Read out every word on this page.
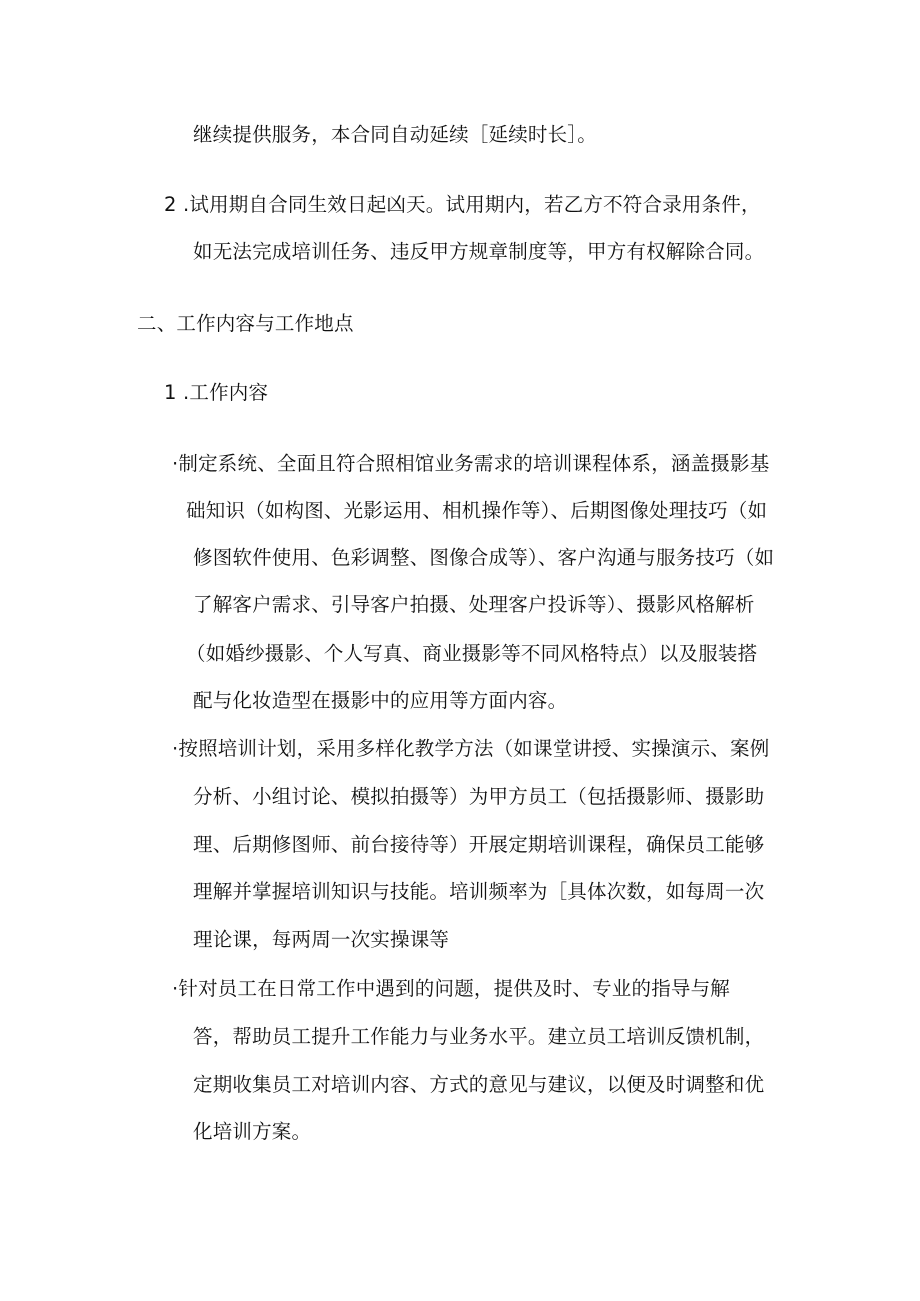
继续提供服务，本合同自动延续［延续时长］。
2 .试用期自合同生效日起凶天。试用期内，若乙方不符合录用条件，
如无法完成培训任务、违反甲方规章制度等，甲方有权解除合同。
二、工作内容与工作地点
1 .工作内容
·制定系统、全面且符合照相馆业务需求的培训课程体系，涵盖摄影基
础知识（如构图、光影运用、相机操作等）、后期图像处理技巧（如
修图软件使用、色彩调整、图像合成等）、客户沟通与服务技巧（如
了解客户需求、引导客户拍摄、处理客户投诉等）、摄影风格解析
（如婚纱摄影、个人写真、商业摄影等不同风格特点）以及服装搭
配与化妆造型在摄影中的应用等方面内容。
·按照培训计划，采用多样化教学方法（如课堂讲授、实操演示、案例
分析、小组讨论、模拟拍摄等）为甲方员工（包括摄影师、摄影助
理、后期修图师、前台接待等）开展定期培训课程，确保员工能够
理解并掌握培训知识与技能。培训频率为［具体次数，如每周一次
理论课，每两周一次实操课等
·针对员工在日常工作中遇到的问题，提供及时、专业的指导与解
答，帮助员工提升工作能力与业务水平。建立员工培训反馈机制，
定期收集员工对培训内容、方式的意见与建议，以便及时调整和优
化培训方案。
